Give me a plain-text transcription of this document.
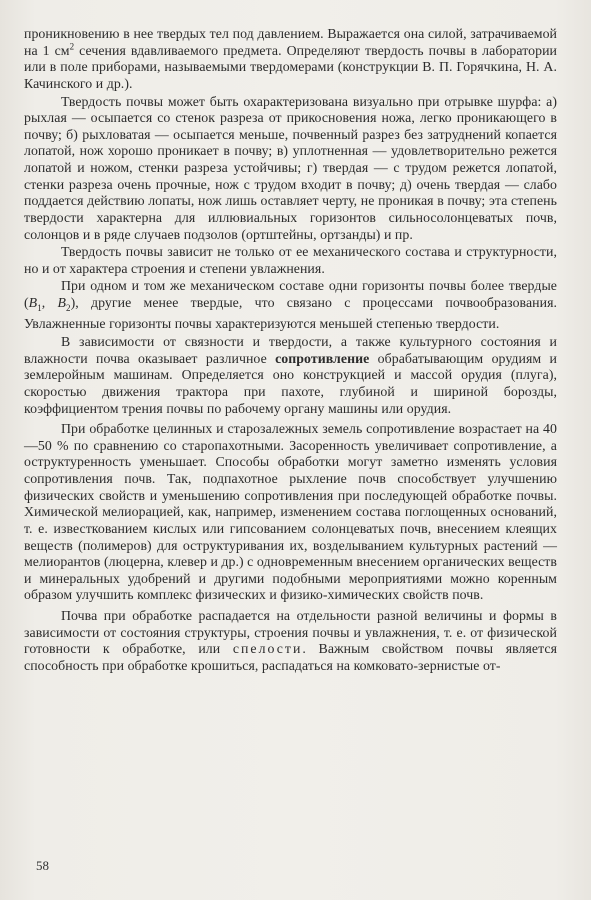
проникновению в нее твердых тел под давлением. Выражается она силой, затрачиваемой на 1 $см^2$ сечения вдавливаемого предмета. Определяют твердость почвы в лаборатории или в поле приборами, называемыми твердомерами (конструкции В. П. Горячкина, Н. А. Качинского и др.).

Твердость почвы может быть охарактеризована визуально при отрывке шурфа: а) рыхлая — осыпается со стенок разреза от прикосновения ножа, легко проникающего в почву; б) рыхловатая — осыпается меньше, почвенный разрез без затруднений копается лопатой, нож хорошо проникает в почву; в) уплотненная — удовлетворительно режется лопатой и ножом, стенки разреза устойчивы; г) твердая — с трудом режется лопатой, стенки разреза очень прочные, нож с трудом входит в почву; д) очень твердая — слабо поддается действию лопаты, нож лишь оставляет черту, не проникая в почву; эта степень твердости характерна для иллювиальных горизонтов сильносолонцеватых почв, солонцов и в ряде случаев подзолов (ортштейны, ортзанды) и пр.

Твердость почвы зависит не только от ее механического состава и структурности, но и от характера строения и степени увлажнения.

При одном и том же механическом составе одни горизонты почвы более твердые ($B_1$, $B_2$), другие менее твердые, что связано с процессами почвообразования. Увлажненные горизонты почвы характеризуются меньшей степенью твердости.

В зависимости от связности и твердости, а также культурного состояния и влажности почва оказывает различное сопротивление обрабатывающим орудиям и землеройным машинам. Определяется оно конструкцией и массой орудия (плуга), скоростью движения трактора при пахоте, глубиной и шириной борозды, коэффициентом трения почвы по рабочему органу машины или орудия.

При обработке целинных и старозалежных земель сопротивление возрастает на 40—50 % по сравнению со старопахотными. Засоренность увеличивает сопротивление, а оструктуренность уменьшает. Способы обработки могут заметно изменять условия сопротивления почв. Так, подпахотное рыхление почв способствует улучшению физических свойств и уменьшению сопротивления при последующей обработке почвы. Химической мелиорацией, как, например, изменением состава поглощенных оснований, т. е. известкованием кислых или гипсованием солонцеватых почв, внесением клеящих веществ (полимеров) для оструктуривания их, возделыванием культурных растений — мелиорантов (люцерна, клевер и др.) с одновременным внесением органических веществ и минеральных удобрений и другими подобными мероприятиями можно коренным образом улучшить комплекс физических и физико-химических свойств почв.

Почва при обработке распадается на отдельности разной величины и формы в зависимости от состояния структуры, строения почвы и увлажнения, т. е. от физической готовности к обработке, или спелости. Важным свойством почвы является способность при обработке крошиться, распадаться на комковато-зернистые от-

58
